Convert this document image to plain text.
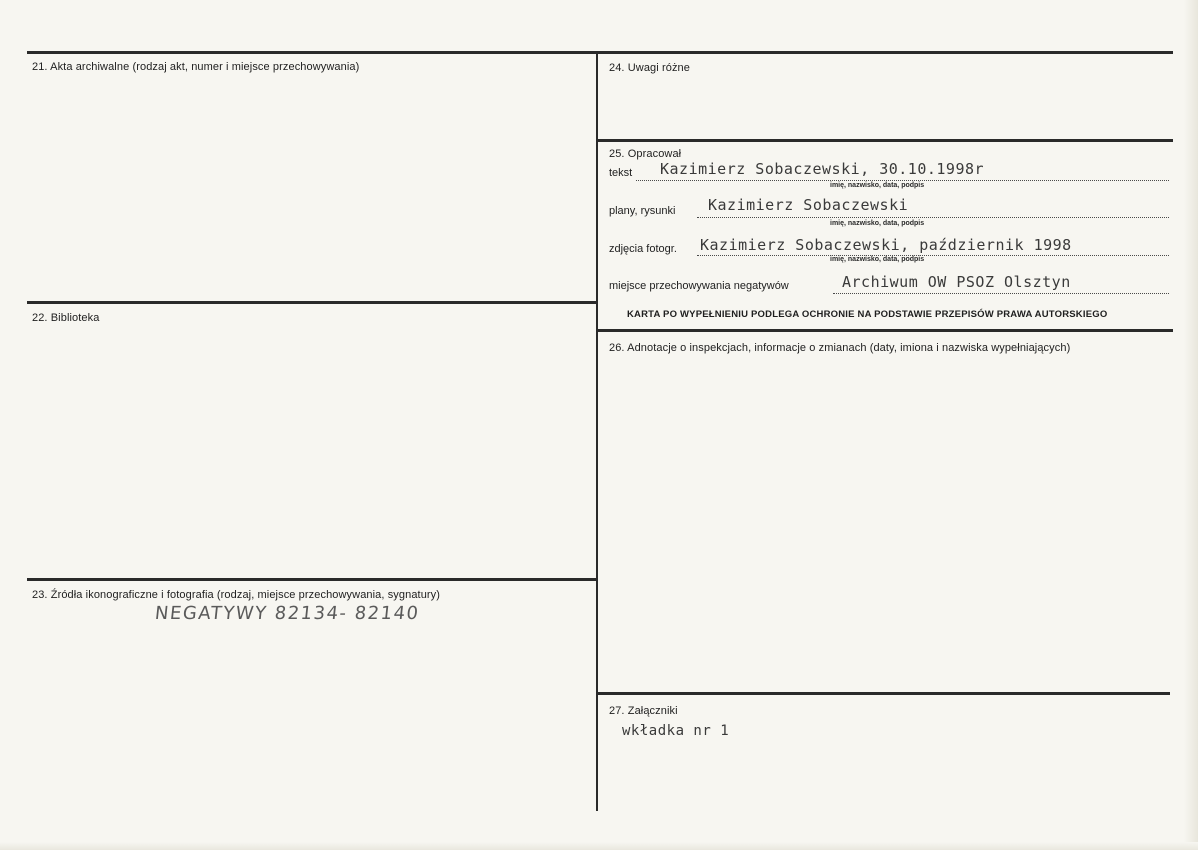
21. Akta archiwalne (rodzaj akt, numer i miejsce przechowywania)
22. Biblioteka
23. Źródła ikonograficzne i fotografia (rodzaj, miejsce przechowywania, sygnatury)
NEGATYWY 82134- 82140
24. Uwagi różne
25. Opracował
tekst Kazimierz Sobaczewski, 30.10.1998r
imię, nazwisko, data, podpis
plany, rysunki Kazimierz Sobaczewski
imię, nazwisko, data, podpis
zdjęcia fotogr. Kazimierz Sobaczewski, październik 1998
imię, nazwisko, data, podpis
miejsce przechowywania negatywów	Archiwum OW PSOZ Olsztyn
KARTA PO WYPEŁNIENIU PODLEGA OCHRONIE NA PODSTAWIE PRZEPISÓW PRAWA AUTORSKIEGO
26. Adnotacje o inspekcjach, informacje o zmianach (daty, imiona i nazwiska wypełniających)
27. Załączniki
wkładka nr 1
